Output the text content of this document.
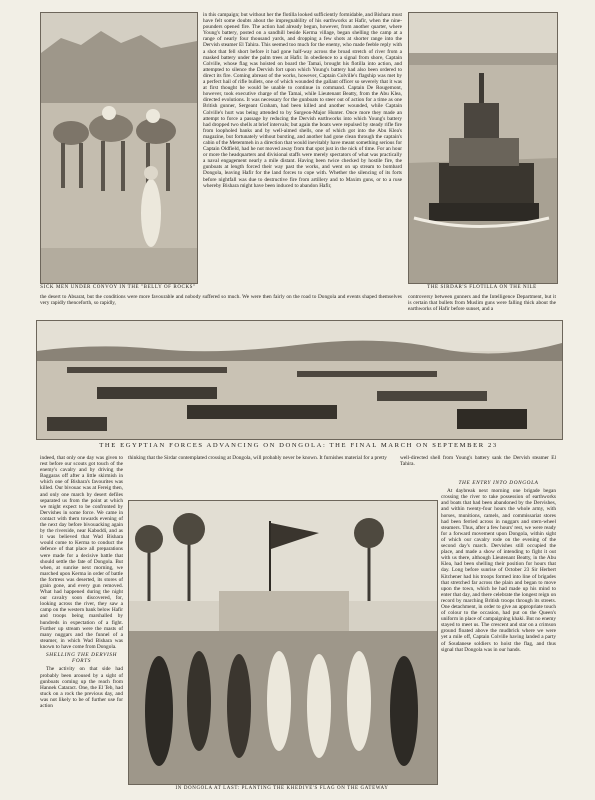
SICK MEN UNDER CONVOY IN THE "BELLY OF ROCKS"

in this campaign; but without her the flotilla looked sufficiently formidable, and Bishara must have felt some doubts about the impregnability of his earthworks at Hafir, when the nine-pounders opened fire. The action had already begun, however, from another quarter, where Young's battery, posted on a sandhill beside Kerma village, began shelling the camp at a range of nearly four thousand yards, and dropping a few shots at shorter range into the Dervish steamer El Tahira. This seemed too much for the enemy, who made feeble reply with a shot that fell short before it had gone half-way across the broad stretch of river from a masked battery under the palm trees at Hafir. In obedience to a signal from shore, Captain Colville, whose flag was hoisted on board the Tamai, brought his flotilla into action, and attempted to silence the Dervish fort upon which Young's battery had also been ordered to direct its fire. Coming abreast of the works, however, Captain Colville's flagship was met by a perfect hail of rifle bullets, one of which wounded the gallant officer so severely that it was at first thought he would be unable to continue in command. Captain De Rougemont, however, took executive charge of the Tamai, while Lieutenant Beatty, from the Abu Klea, directed evolutions. It was necessary for the gunboats to steer out of action for a time as one British gunner, Sergeant Graham, had been killed and another wounded, while Captain Colville's hurt was being attended to by Surgeon-Major Hunter. Once more they made an attempt to force a passage by reducing the Dervish earthworks into which Young's battery had dropped two shells at brief intervals; but again the boats were repulsed by steady rifle fire from loopholed banks and by well-aimed shells, one of which got into the Abu Klea's magazine, but fortunately without bursting, and another had gone clean through the captain's cabin of the Metemmeh in a direction that would inevitably have meant something serious for Captain Oldfield, had he not moved away from that spot just in the nick of time. For an hour or more the headquarters and divisional staffs were merely spectators of what was practically a naval engagement nearly a mile distant. Having been twice checked by hostile fire, the gunboats at length forced their way past the works, and went on up stream to bombard Dongola, leaving Hafir for the land forces to cope with. Whether the silencing of its forts before nightfall was due to destructive fire from artillery and to Maxim guns, or to a ruse whereby Bishara might have been induced to abandon Hafir,

THE SIRDAR'S FLOTILLA ON THE NILE

the desert to Absarat, but the conditions were more favourable and nobody suffered so much. We were then fairly on the road to Dongola and events shaped themselves very rapidly thenceforth, so rapidly,

controversy between gunners and the Intelligence Department, but it is certain that bullets from Muslim guns were falling thick about the earthworks of Hafir before sunset, and a

THE EGYPTIAN FORCES ADVANCING ON DONGOLA: THE FINAL MARCH ON SEPTEMBER 23

indeed, that only one day was given to rest before our scouts got touch of the enemy's cavalry and by driving the Baggaras off after a little skirmish in which one of Bishara's favourites was killed. Our bivouac was at Fereig then, and only one march by desert defiles separated us from the point at which we might expect to be confronted by Dervishes in some force. We came in contact with them towards evening of the next day before bivouacking again by the riverside, near Kaboddi, and as it was believed that Wad Bishara would come to Kerma to conduct the defence of that place all preparations were made for a decisive battle that should settle the fate of Dongola. But when, at sunrise next morning, we marched upon Kerma in order of battle the fortress was deserted, its stores of grain gone, and every gun removed. What had happened during the night our cavalry soon discovered, for, looking across the river, they saw a camp on the western bank below Hafir and troops being marshalled by hundreds in expectation of a fight. Further up stream were the masts of many nuggars and the funnel of a steamer, in which Wad Bishara was known to have come from Dongola.

SHELLING THE DERVISH FORTS

The activity on that side had probably been aroused by a sight of gunboats coming up the reach from Hannek Cataract. One, the El Teb, had stuck on a rock the previous day, and was not likely to be of further use for action

thinking that the Sirdar contemplated crossing at Dongola, will probably never be known. It furnishes material for a pretty

IN DONGOLA AT LAST: PLANTING THE KHEDIVE'S FLAG ON THE GATEWAY

well-directed shell from Young's battery sank the Dervish steamer El Tahira.

THE ENTRY INTO DONGOLA

At daybreak next morning one brigade began crossing the river to take possession of earthworks and boats that had been abandoned by the Dervishes, and within twenty-four hours the whole army, with horses, munitions, camels, and commissariat stores had been ferried across in nuggars and stern-wheel steamers. Thus, after a few hours' rest, we were ready for a forward movement upon Dongola, within sight of which our cavalry rode on the evening of the second day's march. Dervishes still occupied the place, and made a show of intending to fight it out with us there, although Lieutenant Beatty, in the Abu Klea, had been shelling their position for hours that day. Long before sunrise of October 23 Sir Herbert Kitchener had his troops formed into line of brigades that stretched far across the plain and began to move upon the town, which he had made up his mind to enter that day, and there celebrate the longest reign on record by marching British troops through its streets. One detachment, in order to give an appropriate touch of colour to the occasion, had put on the Queen's uniform in place of campaigning khaki. But no enemy stayed to meet us. The crescent and star on a crimson ground floated above the mudbrick where we were yet a mile off, Captain Colville having landed a party of Soudanese soldiers to hoist the flag, and thus signal that Dongola was in our hands.
